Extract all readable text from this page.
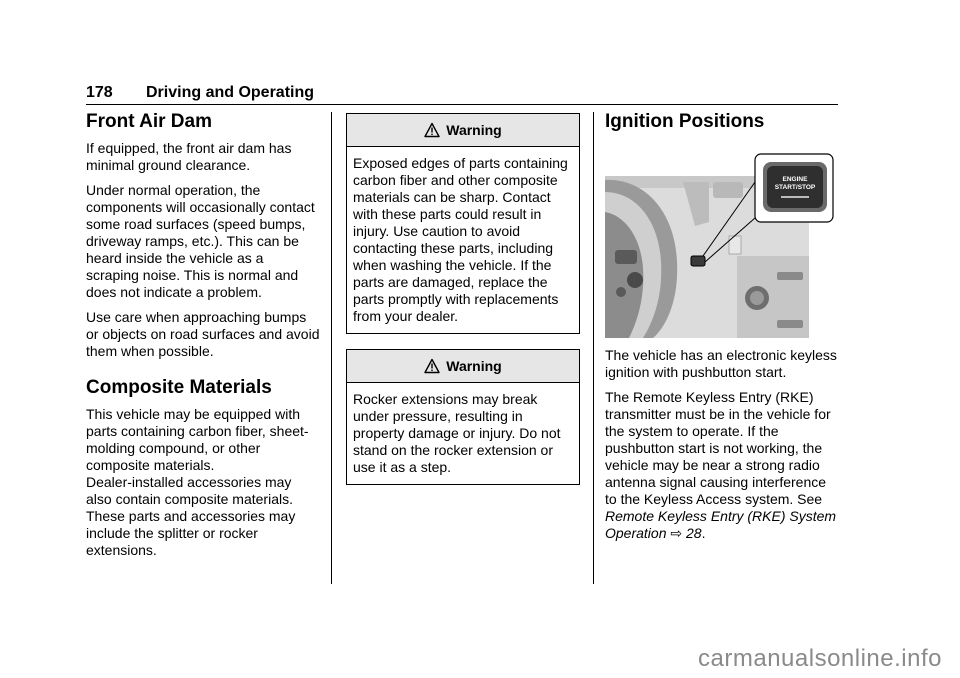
178 Driving and Operating
Front Air Dam

If equipped, the front air dam has minimal ground clearance.

Under normal operation, the components will occasionally contact some road surfaces (speed bumps, driveway ramps, etc.). This can be heard inside the vehicle as a scraping noise. This is normal and does not indicate a problem.

Use care when approaching bumps or objects on road surfaces and avoid them when possible.

Composite Materials

This vehicle may be equipped with parts containing carbon fiber, sheet-molding compound, or other composite materials.

Dealer-installed accessories may also contain composite materials. These parts and accessories may include the splitter or rocker extensions.

Warning
Exposed edges of parts containing carbon fiber and other composite materials can be sharp. Contact with these parts could result in injury. Use caution to avoid contacting these parts, including when washing the vehicle. If the parts are damaged, replace the parts promptly with replacements from your dealer.
Warning
Rocker extensions may break under pressure, resulting in property damage or injury. Do not stand on the rocker extension or use it as a step.
Ignition Positions
ENGINE
START/STOP

The vehicle has an electronic keyless ignition with pushbutton start.

The Remote Keyless Entry (RKE) transmitter must be in the vehicle for the system to operate. If the pushbutton start is not working, the vehicle may be near a strong radio antenna signal causing interference to the Keyless Access system. See Remote Keyless Entry (RKE) System Operation ⇨ 28.

carmanualsonline.info
